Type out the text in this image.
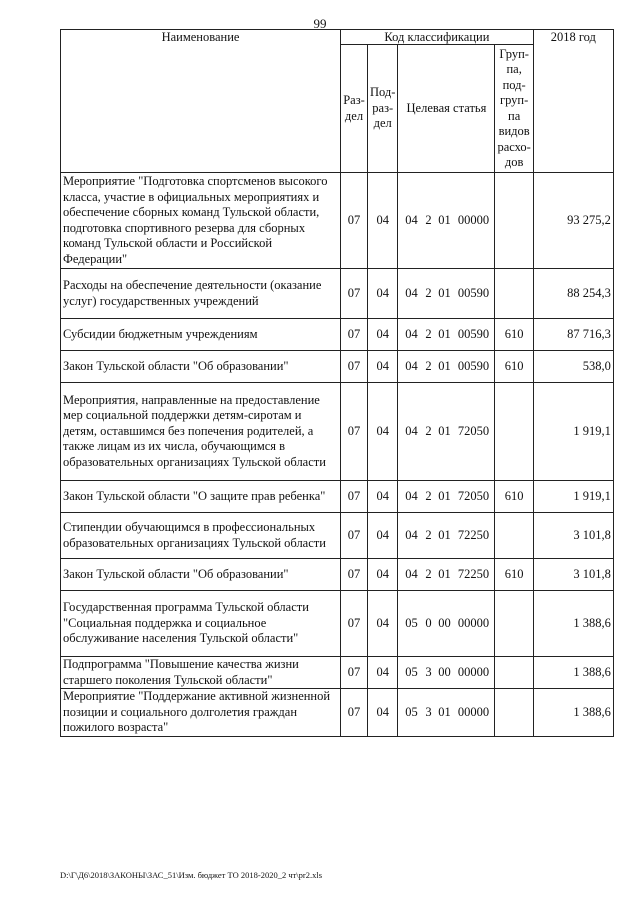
99
Наименование	Код классификации				2018 год
	Раз-дел	Под-раз-дел	Целевая статья	Груп-па, под-груп-па видов расхо-дов	
Мероприятие "Подготовка спортсменов высокого класса, участие в официальных мероприятиях и обеспечение сборных команд Тульской области, подготовка спортивного резерва для сборных команд Тульской области и Российской Федерации"	07	04	04 2 01 00000		93 275,2
Расходы на обеспечение деятельности (оказание услуг) государственных учреждений	07	04	04 2 01 00590		88 254,3
Субсидии бюджетным учреждениям	07	04	04 2 01 00590	610	87 716,3
Закон Тульской области "Об образовании"	07	04	04 2 01 00590	610	538,0
Мероприятия, направленные на предоставление мер социальной поддержки детям-сиротам и детям, оставшимся без попечения родителей, а также лицам из их числа, обучающимся в образовательных организациях Тульской области	07	04	04 2 01 72050		1 919,1
Закон Тульской области "О защите прав ребенка"	07	04	04 2 01 72050	610	1 919,1
Стипендии обучающимся в профессиональных образовательных организациях Тульской области	07	04	04 2 01 72250		3 101,8
Закон Тульской области "Об образовании"	07	04	04 2 01 72250	610	3 101,8
Государственная программа Тульской области "Социальная поддержка и социальное обслуживание населения Тульской области"	07	04	05 0 00 00000		1 388,6
Подпрограмма "Повышение качества жизни старшего поколения Тульской области"	07	04	05 3 00 00000		1 388,6
Мероприятие "Поддержание активной жизненной позиции и социального долголетия граждан пожилого возраста"	07	04	05 3 01 00000		1 388,6
D:\Г\Д6\2018\ЗАКОНЫ\ЗАС_51\Изм. бюджет ТО 2018-2020_2 чт\pr2.xls
